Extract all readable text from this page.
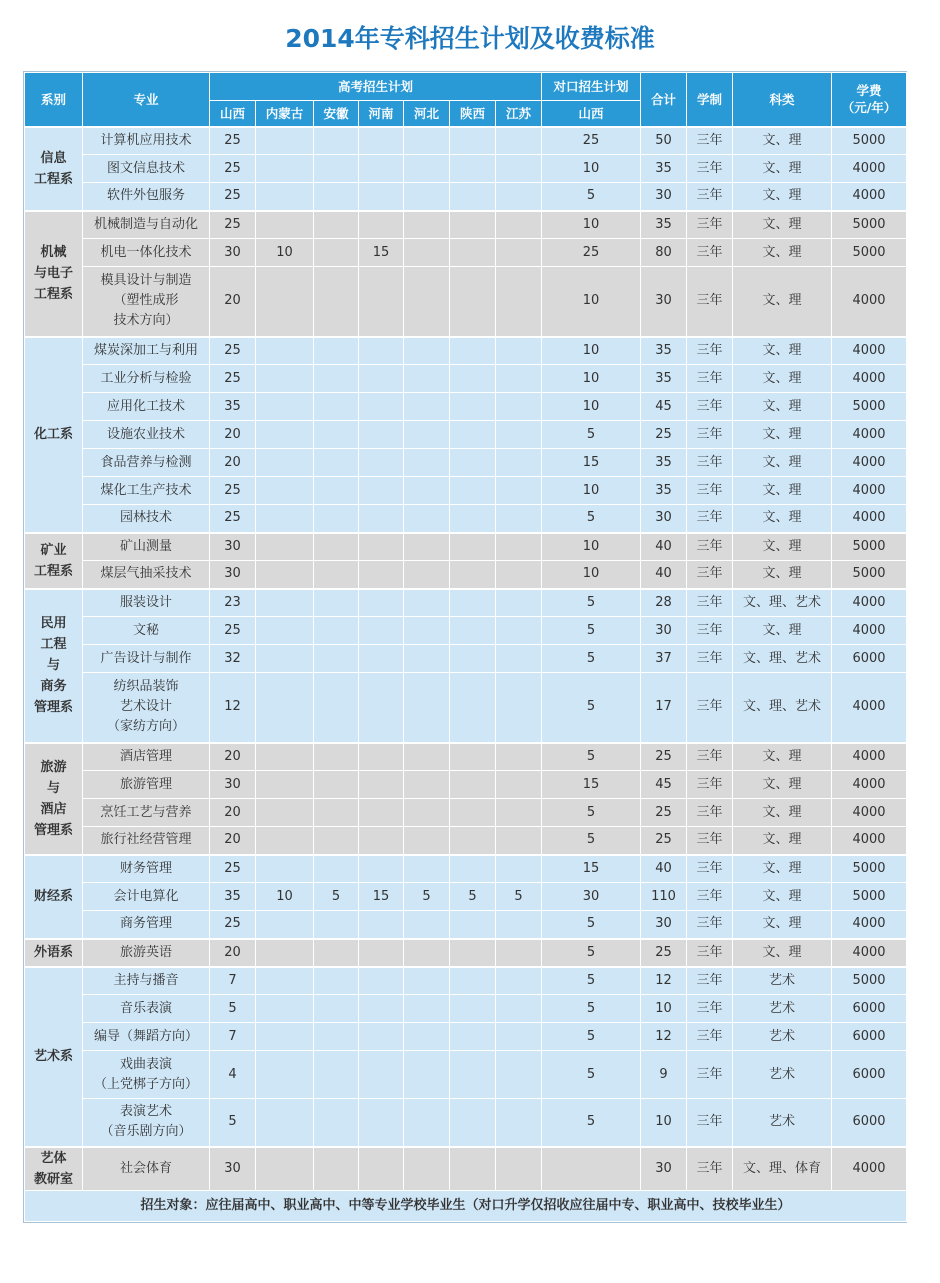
2014年专科招生计划及收费标准
系别	专业	高考招生计划							对口招生计划	合计	学制	科类	学费
（元/年）

		山西	内蒙古	安徽	河南	河北	陕西	江苏	山西				

信息
工程系	计算机应用技术	25							25	50	三年	文、理	5000

	图文信息技术	25							10	35	三年	文、理	4000

	软件外包服务	25							5	30	三年	文、理	4000

机械
与电子
工程系	机械制造与自动化	25							10	35	三年	文、理	5000

	机电一体化技术	30	10		15				25	80	三年	文、理	5000

	模具设计与制造
（塑性成形
技术方向）	20							10	30	三年	文、理	4000

化工系	煤炭深加工与利用	25							10	35	三年	文、理	4000

	工业分析与检验	25							10	35	三年	文、理	4000

	应用化工技术	35							10	45	三年	文、理	5000

	设施农业技术	20							5	25	三年	文、理	4000

	食品营养与检测	20							15	35	三年	文、理	4000

	煤化工生产技术	25							10	35	三年	文、理	4000

	园林技术	25							5	30	三年	文、理	4000

矿业
工程系	矿山测量	30							10	40	三年	文、理	5000

	煤层气抽采技术	30							10	40	三年	文、理	5000

民用
工程
与
商务
管理系	服装设计	23							5	28	三年	文、理、艺术	4000

	文秘	25							5	30	三年	文、理	4000

	广告设计与制作	32							5	37	三年	文、理、艺术	6000

	纺织品装饰
艺术设计
（家纺方向）	12							5	17	三年	文、理、艺术	4000

旅游
与
酒店
管理系	酒店管理	20							5	25	三年	文、理	4000

	旅游管理	30							15	45	三年	文、理	4000

	烹饪工艺与营养	20							5	25	三年	文、理	4000

	旅行社经营管理	20							5	25	三年	文、理	4000

财经系	财务管理	25							15	40	三年	文、理	5000

	会计电算化	35	10	5	15	5	5	5	30	110	三年	文、理	5000

	商务管理	25							5	30	三年	文、理	4000

外语系	旅游英语	20							5	25	三年	文、理	4000

艺术系	主持与播音	7							5	12	三年	艺术	5000

	音乐表演	5							5	10	三年	艺术	6000

	编导（舞蹈方向）	7							5	12	三年	艺术	6000

	戏曲表演
（上党梆子方向）	4							5	9	三年	艺术	6000

	表演艺术
（音乐剧方向）	5							5	10	三年	艺术	6000

艺体
教研室	社会体育	30								30	三年	文、理、体育	4000
招生对象：应往届高中、职业高中、中等专业学校毕业生（对口升学仅招收应往届中专、职业高中、技校毕业生）													
